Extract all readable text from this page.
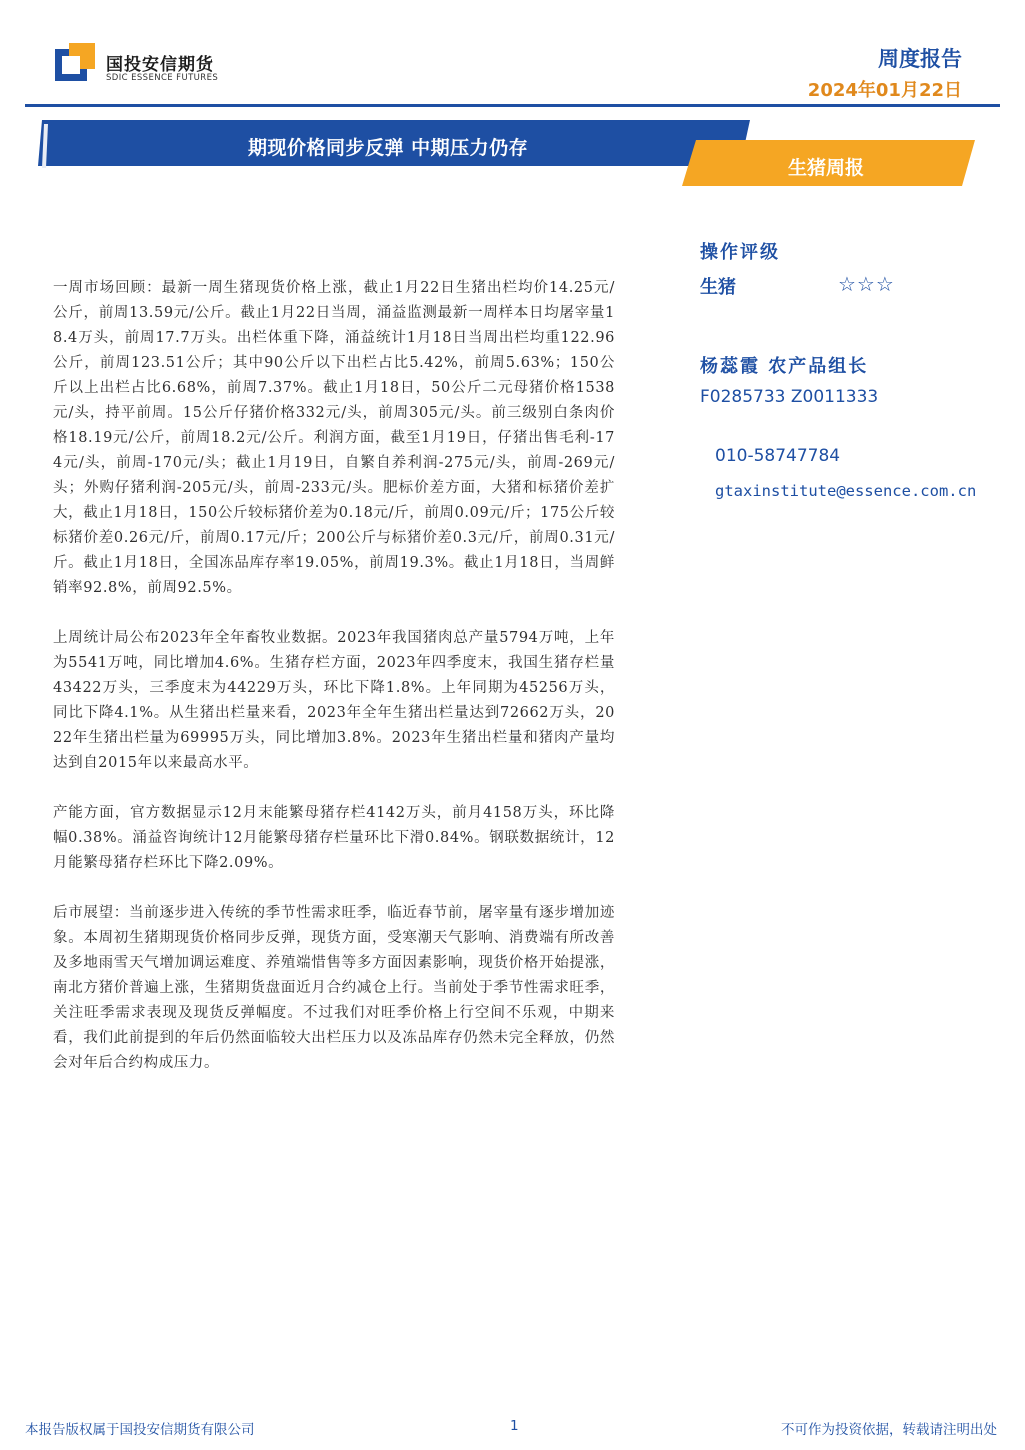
国投安信期货
SDIC ESSENCE FUTURES
周度报告
2024年01月22日
期现价格同步反弹 中期压力仍存
生猪周报

一周市场回顾：最新一周生猪现货价格上涨，截止1月22日生猪出栏均价14.25元/公斤，前周13.59元/公斤。截止1月22日当周，涌益监测最新一周样本日均屠宰量18.4万头，前周17.7万头。出栏体重下降，涌益统计1月18日当周出栏均重122.96公斤，前周123.51公斤；其中90公斤以下出栏占比5.42%，前周5.63%；150公斤以上出栏占比6.68%，前周7.37%。截止1月18日，50公斤二元母猪价格1538元/头，持平前周。15公斤仔猪价格332元/头，前周305元/头。前三级别白条肉价格18.19元/公斤，前周18.2元/公斤。利润方面，截至1月19日，仔猪出售毛利-174元/头，前周-170元/头；截止1月19日，自繁自养利润-275元/头，前周-269元/头；外购仔猪利润-205元/头，前周-233元/头。肥标价差方面，大猪和标猪价差扩大，截止1月18日，150公斤较标猪价差为0.18元/斤，前周0.09元/斤；175公斤较标猪价差0.26元/斤，前周0.17元/斤；200公斤与标猪价差0.3元/斤，前周0.31元/斤。截止1月18日，全国冻品库存率19.05%，前周19.3%。截止1月18日，当周鲜销率92.8%，前周92.5%。

上周统计局公布2023年全年畜牧业数据。2023年我国猪肉总产量5794万吨，上年为5541万吨，同比增加4.6%。生猪存栏方面，2023年四季度末，我国生猪存栏量43422万头，三季度末为44229万头，环比下降1.8%。上年同期为45256万头，同比下降4.1%。从生猪出栏量来看，2023年全年生猪出栏量达到72662万头，2022年生猪出栏量为69995万头，同比增加3.8%。2023年生猪出栏量和猪肉产量均达到自2015年以来最高水平。

产能方面，官方数据显示12月末能繁母猪存栏4142万头，前月4158万头，环比降幅0.38%。涌益咨询统计12月能繁母猪存栏量环比下滑0.84%。钢联数据统计，12月能繁母猪存栏环比下降2.09%。

后市展望：当前逐步进入传统的季节性需求旺季，临近春节前，屠宰量有逐步增加迹象。本周初生猪期现货价格同步反弹，现货方面，受寒潮天气影响、消费端有所改善及多地雨雪天气增加调运难度、养殖端惜售等多方面因素影响，现货价格开始提涨，南北方猪价普遍上涨，生猪期货盘面近月合约减仓上行。当前处于季节性需求旺季，关注旺季需求表现及现货反弹幅度。不过我们对旺季价格上行空间不乐观，中期来看，我们此前提到的年后仍然面临较大出栏压力以及冻品库存仍然未完全释放，仍然会对年后合约构成压力。

操作评级
生猪	☆☆☆
杨蕊霞 农产品组长
F0285733 Z0011333
010-58747784
gtaxinstitute@essence.com.cn
本报告版权属于国投安信期货有限公司	1	不可作为投资依据，转载请注明出处
